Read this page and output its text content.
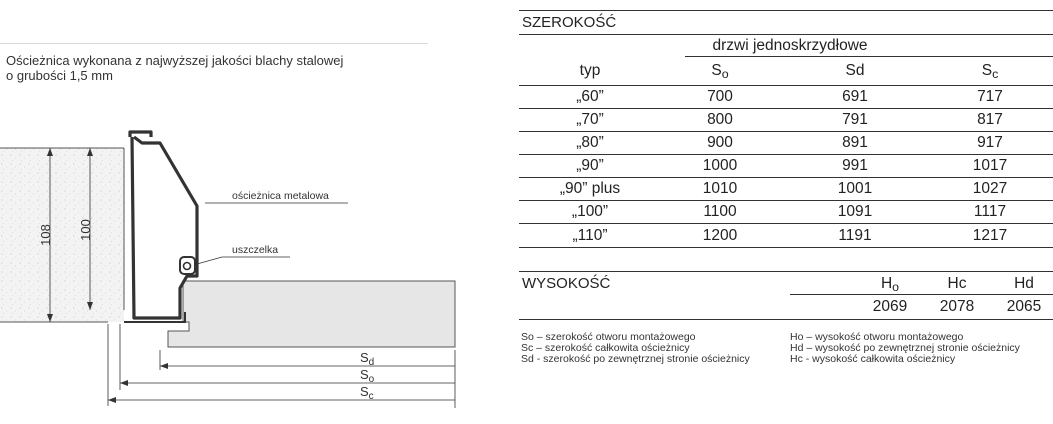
Ościeżnica wykonana z najwyższej jakości blachy stalowej
o grubości 1,5 mm
108 100
ościeżnica metalowa
uszczelka
$S_d$
$S_o$
$S_c$
SZEROKOŚĆ
drzwi jednoskrzydłowe
typ	So	Sd	Sc
„60”	700	691	717
„70”	800	791	817
„80”	900	891	917
„90”	1000	991	1017
„90” plus	1010	1001	1027
„100”	1100	1091	1117
„110”	1200	1191	1217
WYSOKOŚĆ	Ho	Hc	Hd
2069	2078	2065
So – szerokość otworu montażowego
Sc – szerokość całkowita ościeżnicy
Sd - szerokość po zewnętrznej stronie ościeżnicy
Ho – wysokość otworu montażowego
Hd – wysokość po zewnętrznej stronie ościeżnicy
Hc - wysokość całkowita ościeżnicy
